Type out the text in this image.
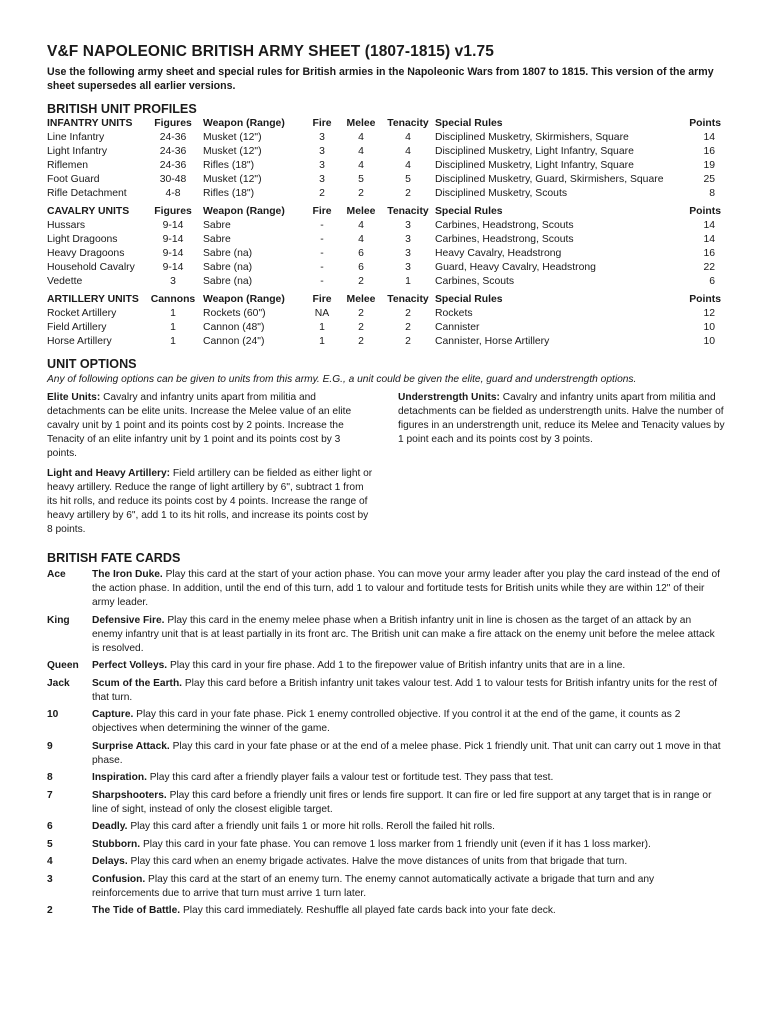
V&F NAPOLEONIC BRITISH ARMY SHEET (1807-1815) v1.75
Use the following army sheet and special rules for British armies in the Napoleonic Wars from 1807 to 1815. This version of the army sheet supersedes all earlier versions.
BRITISH UNIT PROFILES
INFANTRY UNITS	Figures	Weapon (Range)	Fire	Melee	Tenacity	Special Rules	Points
Line Infantry	24-36	Musket (12")	3	4	4	Disciplined Musketry, Skirmishers, Square	14
Light Infantry	24-36	Musket (12")	3	4	4	Disciplined Musketry, Light Infantry, Square	16
Riflemen	24-36	Rifles (18")	3	4	4	Disciplined Musketry, Light Infantry, Square	19
Foot Guard	30-48	Musket (12")	3	5	5	Disciplined Musketry, Guard, Skirmishers, Square	25
Rifle Detachment	4-8	Rifles (18")	2	2	2	Disciplined Musketry, Scouts	8

CAVALRY UNITS	Figures	Weapon (Range)	Fire	Melee	Tenacity	Special Rules	Points
Hussars	9-14	Sabre	-	4	3	Carbines, Headstrong, Scouts	14
Light Dragoons	9-14	Sabre	-	4	3	Carbines, Headstrong, Scouts	14
Heavy Dragoons	9-14	Sabre (na)	-	6	3	Heavy Cavalry, Headstrong	16
Household Cavalry	9-14	Sabre (na)	-	6	3	Guard, Heavy Cavalry, Headstrong	22
Vedette	3	Sabre (na)	-	2	1	Carbines, Scouts	6

ARTILLERY UNITS	Cannons	Weapon (Range)	Fire	Melee	Tenacity	Special Rules	Points
Rocket Artillery	1	Rockets (60")	NA	2	2	Rockets	12
Field Artillery	1	Cannon (48")	1	2	2	Cannister	10
Horse Artillery	1	Cannon (24")	1	2	2	Cannister, Horse Artillery	10
UNIT OPTIONS
Any of following options can be given to units from this army. E.G., a unit could be given the elite, guard and understrength options.
Elite Units: Cavalry and infantry units apart from militia and detachments can be elite units. Increase the Melee value of an elite cavalry unit by 1 point and its points cost by 2 points. Increase the Tenacity of an elite infantry unit by 1 point and its points cost by 3 points.
Light and Heavy Artillery: Field artillery can be fielded as either light or heavy artillery. Reduce the range of light artillery by 6", subtract 1 from its hit rolls, and reduce its points cost by 4 points. Increase the range of heavy artillery by 6", add 1 to its hit rolls, and increase its points cost by 8 points.
Understrength Units: Cavalry and infantry units apart from militia and detachments can be fielded as understrength units. Halve the number of figures in an understrength unit, reduce its Melee and Tenacity values by 1 point each and its points cost by 3 points.
BRITISH FATE CARDS
Ace	The Iron Duke. Play this card at the start of your action phase. You can move your army leader after you play the card instead of the end of the action phase. In addition, until the end of this turn, add 1 to valour and fortitude tests for British units while they are within 12" of their army leader.
King	Defensive Fire. Play this card in the enemy melee phase when a British infantry unit in line is chosen as the target of an attack by an enemy infantry unit that is at least partially in its front arc. The British unit can make a fire attack on the enemy unit before the melee attack is resolved.
Queen	Perfect Volleys. Play this card in your fire phase. Add 1 to the firepower value of British infantry units that are in a line.
Jack	Scum of the Earth. Play this card before a British infantry unit takes valour test. Add 1 to valour tests for British infantry units for the rest of that turn.
10	Capture. Play this card in your fate phase. Pick 1 enemy controlled objective. If you control it at the end of the game, it counts as 2 objectives when determining the winner of the game.
9	Surprise Attack. Play this card in your fate phase or at the end of a melee phase. Pick 1 friendly unit. That unit can carry out 1 move in that phase.
8	Inspiration. Play this card after a friendly player fails a valour test or fortitude test. They pass that test.
7	Sharpshooters. Play this card before a friendly unit fires or lends fire support. It can fire or led fire support at any target that is in range or line of sight, instead of only the closest eligible target.
6	Deadly. Play this card after a friendly unit fails 1 or more hit rolls. Reroll the failed hit rolls.
5	Stubborn. Play this card in your fate phase. You can remove 1 loss marker from 1 friendly unit (even if it has 1 loss marker).
4	Delays. Play this card when an enemy brigade activates. Halve the move distances of units from that brigade that turn.
3	Confusion. Play this card at the start of an enemy turn. The enemy cannot automatically activate a brigade that turn and any reinforcements due to arrive that turn must arrive 1 turn later.
2	The Tide of Battle. Play this card immediately. Reshuffle all played fate cards back into your fate deck.
